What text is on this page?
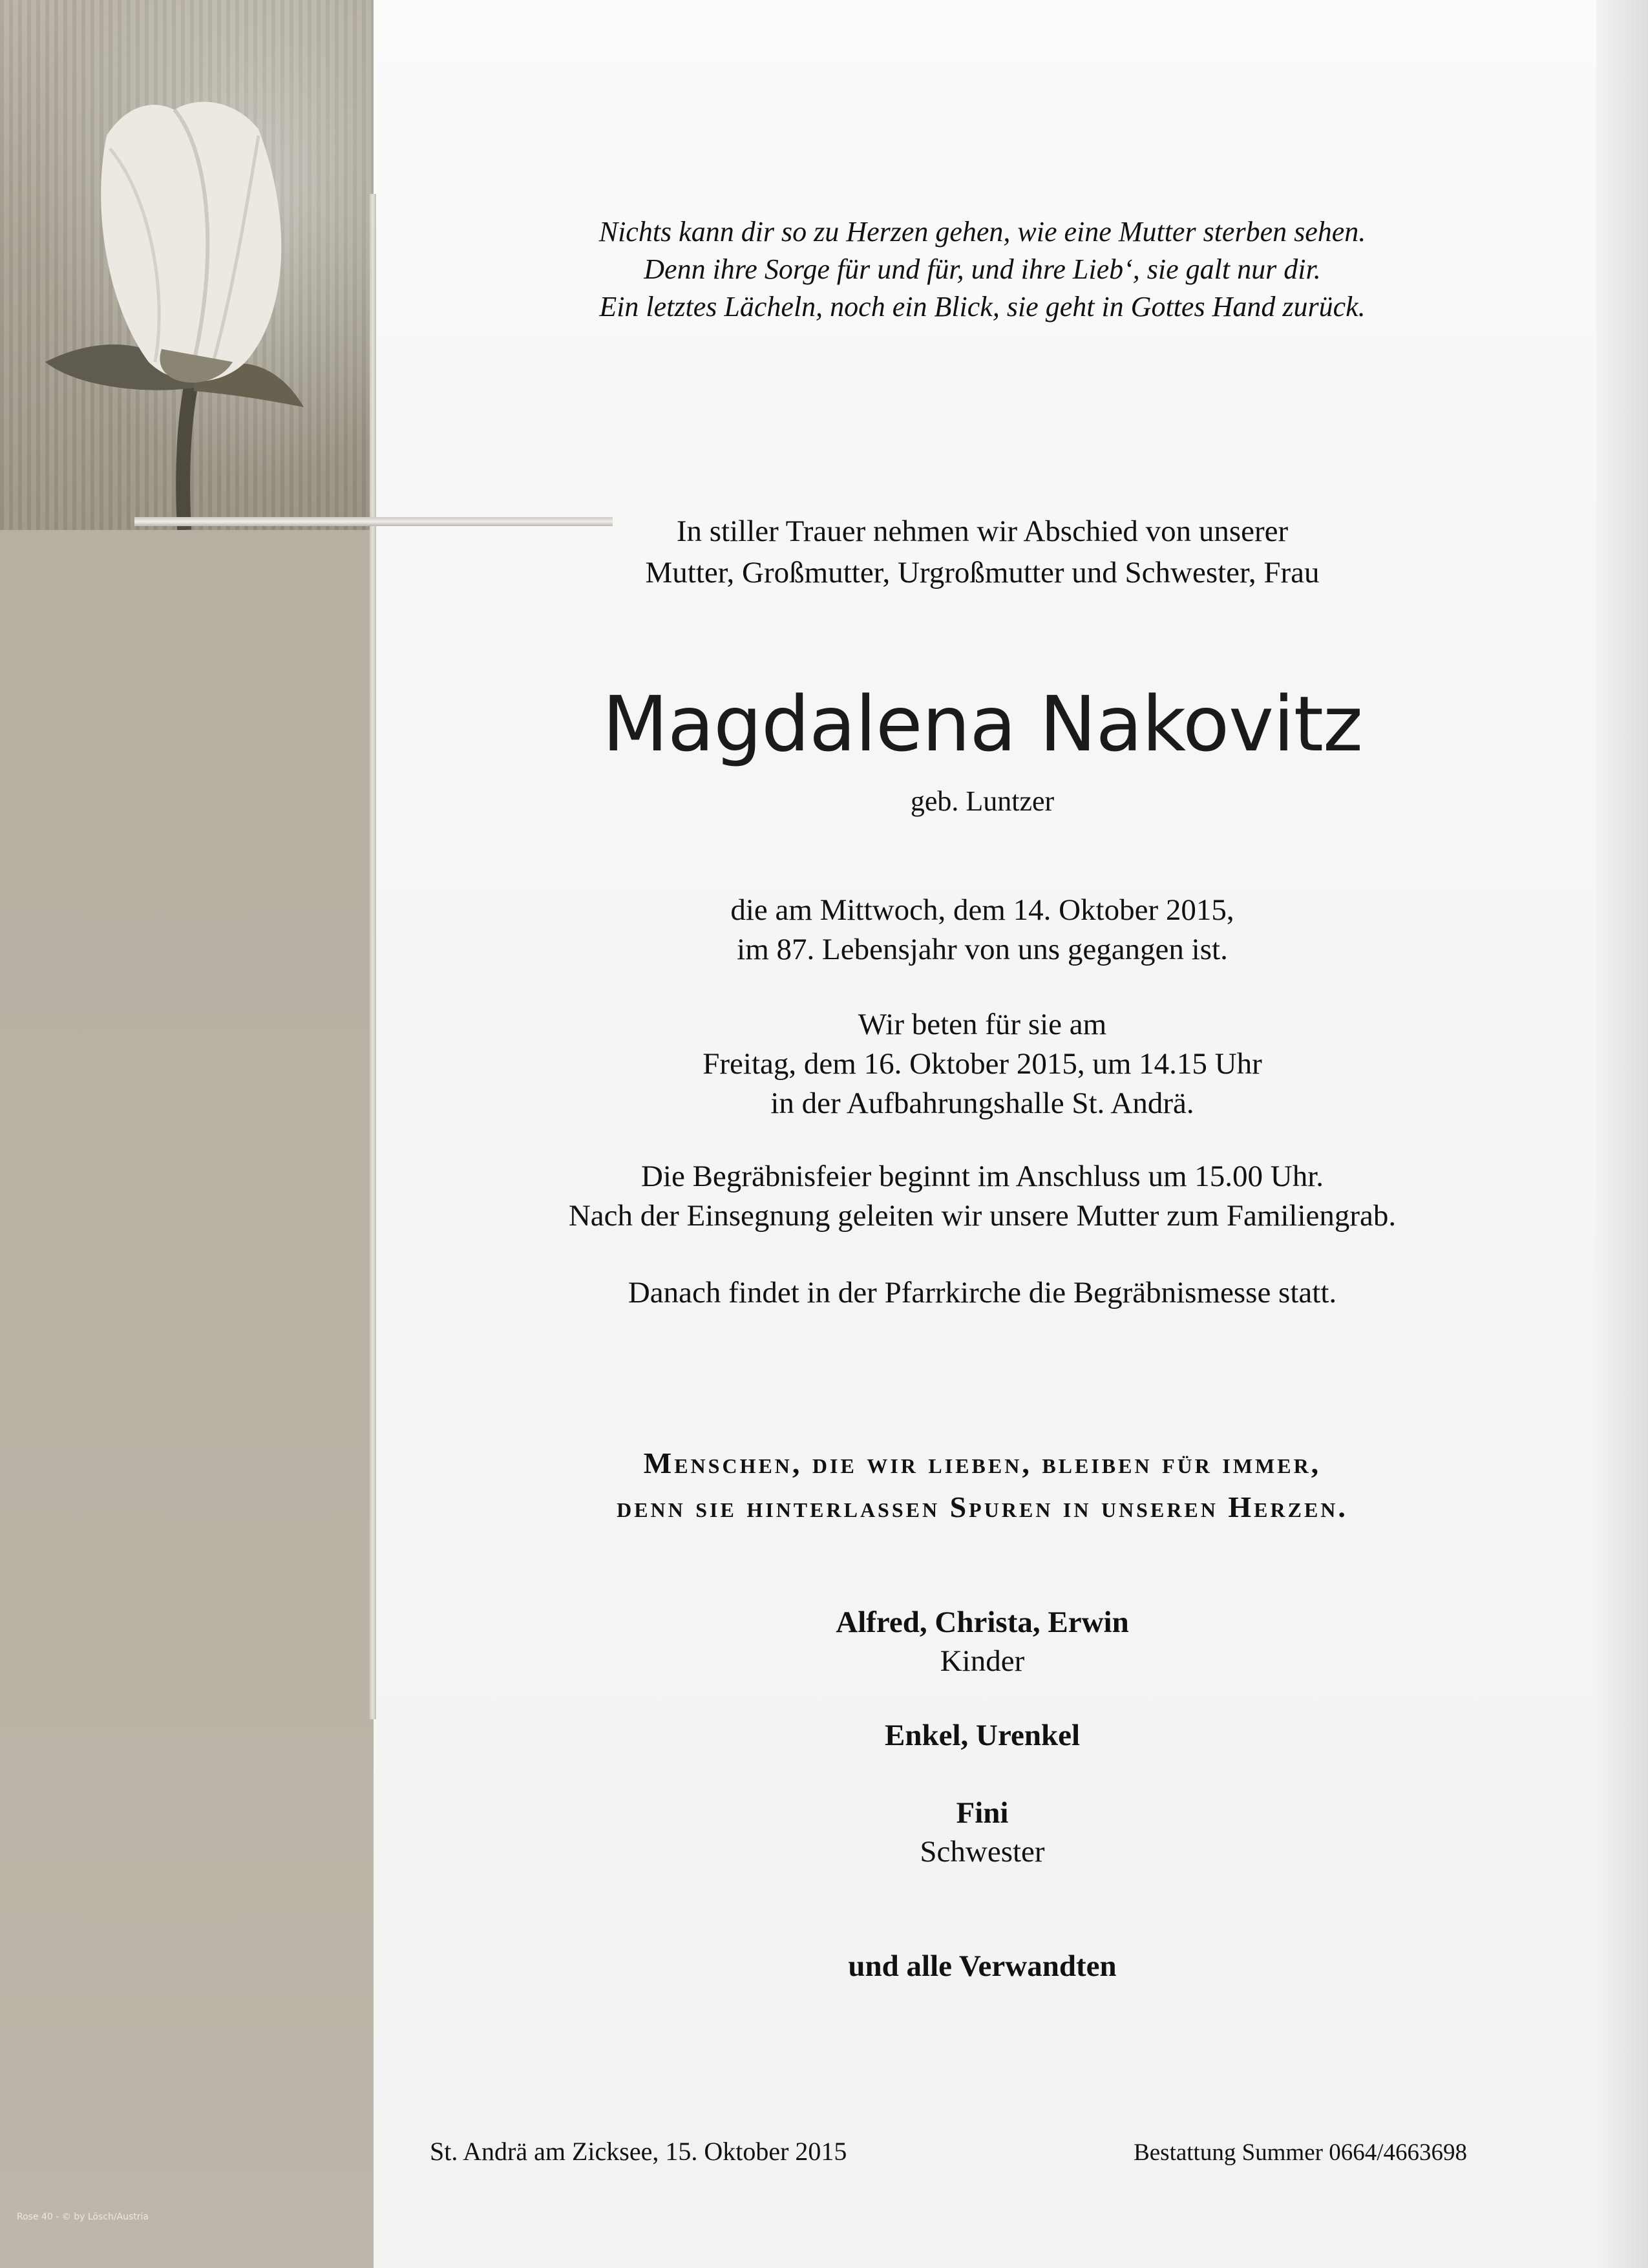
Nichts kann dir so zu Herzen gehen, wie eine Mutter sterben sehen.
Denn ihre Sorge für und für, und ihre Lieb‘, sie galt nur dir.
Ein letztes Lächeln, noch ein Blick, sie geht in Gottes Hand zurück.
In stiller Trauer nehmen wir Abschied von unserer
Mutter, Großmutter, Urgroßmutter und Schwester, Frau
Magdalena Nakovitz
geb. Luntzer
die am Mittwoch, dem 14. Oktober 2015,
im 87. Lebensjahr von uns gegangen ist.
Wir beten für sie am
Freitag, dem 16. Oktober 2015, um 14.15 Uhr
in der Aufbahrungshalle St. Andrä.
Die Begräbnisfeier beginnt im Anschluss um 15.00 Uhr.
Nach der Einsegnung geleiten wir unsere Mutter zum Familiengrab.
Danach findet in der Pfarrkirche die Begräbnismesse statt.
Menschen, die wir lieben, bleiben für immer,
denn sie hinterlassen Spuren in unseren Herzen.
Alfred, Christa, Erwin
Kinder
Enkel, Urenkel
Fini
Schwester
und alle Verwandten
St. Andrä am Zicksee, 15. Oktober 2015	Bestattung Summer 0664/4663698
Rose 40 - © by Lösch/Austria
